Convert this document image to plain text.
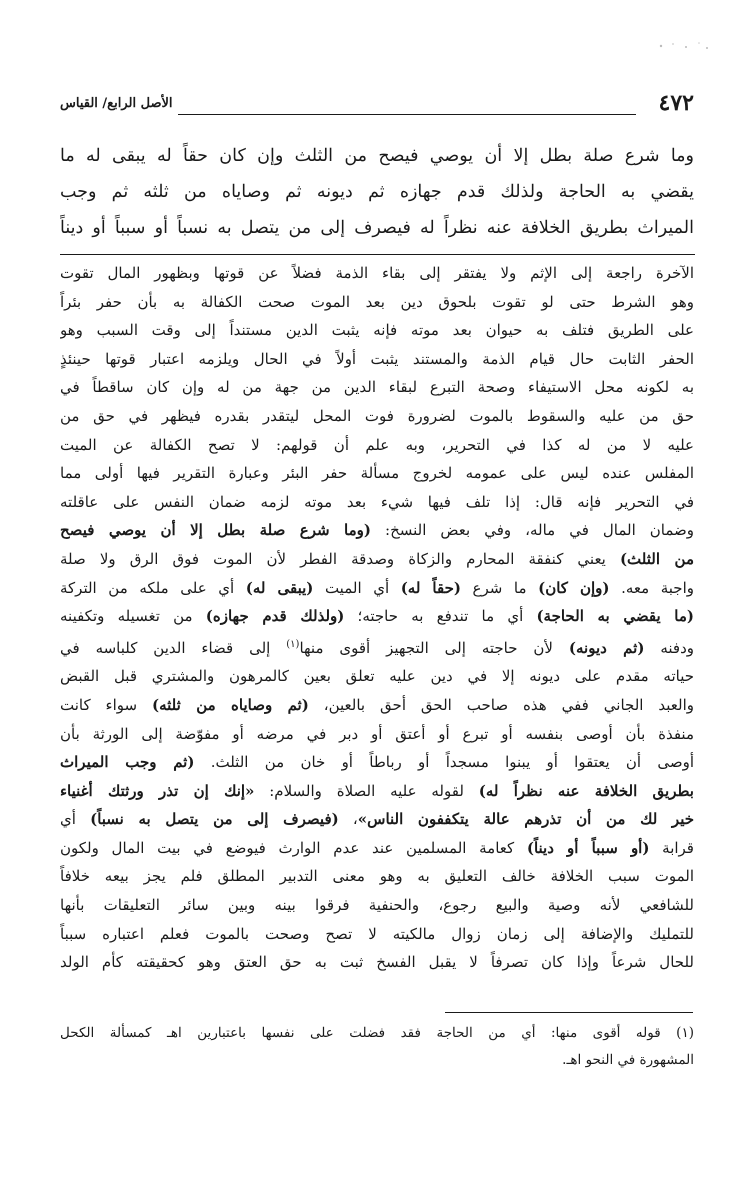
٤٧٢
الأصل الرابع/ القياس
وما شرع صلة بطل إلا أن يوصي فيصح من الثلث وإن كان حقاً له يبقى له ما
يقضي به الحاجة ولذلك قدم جهازه ثم ديونه ثم وصاياه من ثلثه ثم وجب
الميراث بطريق الخلافة عنه نظراً له فيصرف إلى من يتصل به نسباً أو سبباً أو ديناً
الآخرة راجعة إلى الإثم ولا يفتقر إلى بقاء الذمة فضلاً عن قوتها وبظهور المال تقوت
وهو الشرط حتى لو تقوت بلحوق دين بعد الموت صحت الكفالة به بأن حفر بئراً
على الطريق فتلف به حيوان بعد موته فإنه يثبت الدين مستنداً إلى وقت السبب وهو
الحفر الثابت حال قيام الذمة والمستند يثبت أولاً في الحال ويلزمه اعتبار قوتها حينئذٍ
به لكونه محل الاستيفاء وصحة التبرع لبقاء الدين من جهة من له وإن كان ساقطاً في
حق من عليه والسقوط بالموت لضرورة فوت المحل ليتقدر بقدره فيظهر في حق من
عليه لا من له كذا في التحرير، وبه علم أن قولهم: لا تصح الكفالة عن الميت
المفلس عنده ليس على عمومه لخروج مسألة حفر البئر وعبارة التقرير فيها أولى مما
في التحرير فإنه قال: إذا تلف فيها شيء بعد موته لزمه ضمان النفس على عاقلته
وضمان المال في ماله، وفي بعض النسخ: (وما شرع صلة بطل إلا أن يوصي فيصح
من الثلث) يعني كنفقة المحارم والزكاة وصدقة الفطر لأن الموت فوق الرق ولا صلة
واجبة معه. (وإن كان) ما شرع (حقاً له) أي الميت (يبقى له) أي على ملكه من التركة
(ما يقضي به الحاجة) أي ما تندفع به حاجته؛ (ولذلك قدم جهازه) من تغسيله وتكفينه
ودفنه (ثم ديونه) لأن حاجته إلى التجهيز أقوى منها$^{(١)}$ إلى قضاء الدين كلباسه في
حياته مقدم على ديونه إلا في دين عليه تعلق بعين كالمرهون والمشتري قبل القبض
والعبد الجاني ففي هذه صاحب الحق أحق بالعين، (ثم وصاياه من ثلثه) سواء كانت
منفذة بأن أوصى بنفسه أو تبرع أو أعتق أو دبر في مرضه أو مفوّضة إلى الورثة بأن
أوصى أن يعتقوا أو يبنوا مسجداً أو رباطاً أو خان من الثلث. (ثم وجب الميراث
بطريق الخلافة عنه نظراً له) لقوله عليه الصلاة والسلام: «إنك إن تذر ورثتك أغنياء
خير لك من أن تذرهم عالة يتكففون الناس»، (فيصرف إلى من يتصل به نسباً) أي
قرابة (أو سبباً أو ديناً) كعامة المسلمين عند عدم الوارث فيوضع في بيت المال ولكون
الموت سبب الخلافة خالف التعليق به وهو معنى التدبير المطلق فلم يجز بيعه خلافاً
للشافعي لأنه وصية والبيع رجوع، والحنفية فرقوا بينه وبين سائر التعليقات بأنها
للتمليك والإضافة إلى زمان زوال مالكيته لا تصح وصحت بالموت فعلم اعتباره سبباً
للحال شرعاً وإذا كان تصرفاً لا يقبل الفسخ ثبت به حق العتق وهو كحقيقته كأم الولد
(١) قوله أقوى منها: أي من الحاجة فقد فضلت على نفسها باعتبارين اهـ كمسألة الكحل
المشهورة في النحو اهـ.
